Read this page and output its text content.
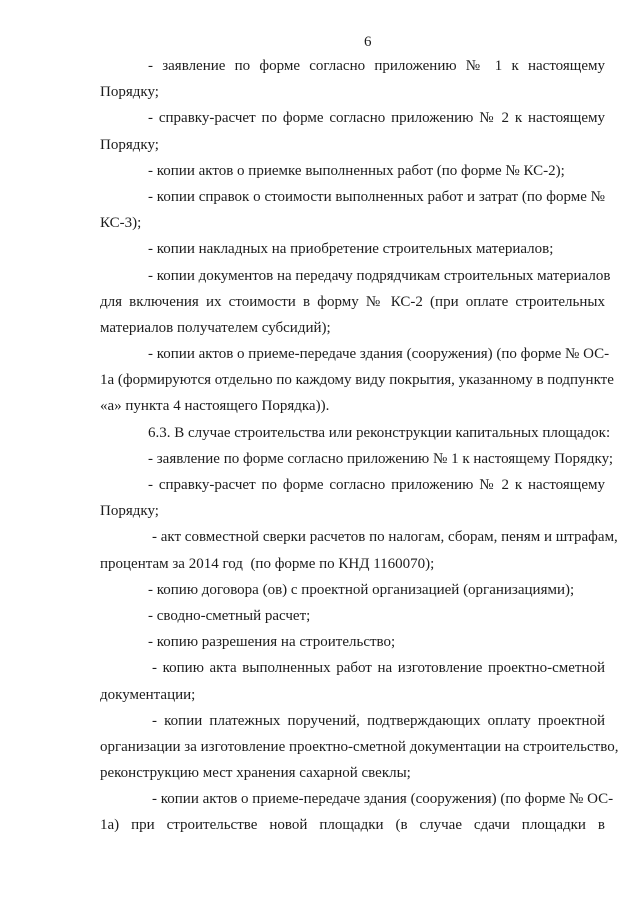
6
- заявление по форме согласно приложению № 1 к настоящему
Порядку;
- справку-расчет по форме согласно приложению № 2 к настоящему
Порядку;
- копии актов о приемке выполненных работ (по форме № КС-2);
- копии справок о стоимости выполненных работ и затрат (по форме №
КС-3);
- копии накладных на приобретение строительных материалов;
- копии документов на передачу подрядчикам строительных материалов
для включения их стоимости в форму № КС-2 (при оплате строительных
материалов получателем субсидий);
- копии актов о приеме-передаче здания (сооружения) (по форме № ОС-
1а (формируются отдельно по каждому виду покрытия, указанному в подпункте
«а» пункта 4 настоящего Порядка)).
6.3. В случае строительства или реконструкции капитальных площадок:
- заявление по форме согласно приложению № 1 к настоящему Порядку;
- справку-расчет по форме согласно приложению № 2 к настоящему
Порядку;
- акт совместной сверки расчетов по налогам, сборам, пеням и штрафам,
процентам за 2014 год  (по форме по КНД 1160070);
- копию договора (ов) с проектной организацией (организациями);
- сводно-сметный расчет;
- копию разрешения на строительство;
- копию акта выполненных работ на изготовление проектно-сметной
документации;
- копии платежных поручений, подтверждающих оплату проектной
организации за изготовление проектно-сметной документации на строительство,
реконструкцию мест хранения сахарной свеклы;
- копии актов о приеме-передаче здания (сооружения) (по форме № ОС-
1а) при строительстве новой площадки (в случае сдачи площадки в
